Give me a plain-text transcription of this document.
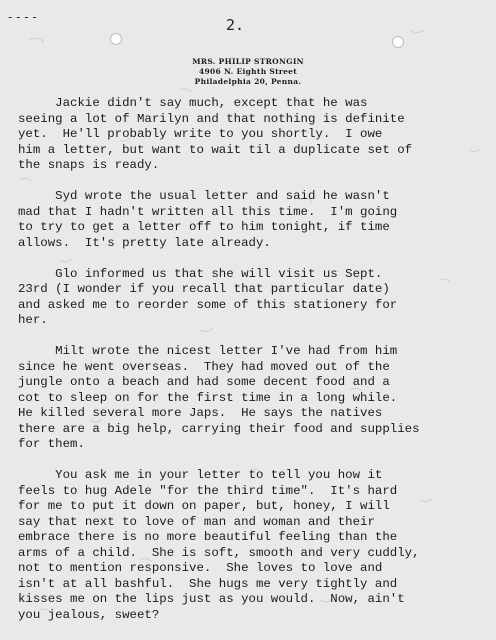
- - - -	2.
MRS. PHILIP STRONGIN
4906 N. Eighth Street
Philadelphia 20, Penna.
Jackie didn't say much, except that he was
seeing a lot of Marilyn and that nothing is definite
yet.  He'll probably write to you shortly.  I owe
him a letter, but want to wait til a duplicate set of
the snaps is ready.
Syd wrote the usual letter and said he wasn't
mad that I hadn't written all this time.  I'm going
to try to get a letter off to him tonight, if time
allows.  It's pretty late already.
Glo informed us that she will visit us Sept.
23rd (I wonder if you recall that particular date)
and asked me to reorder some of this stationery for
her.
Milt wrote the nicest letter I've had from him
since he went overseas.  They had moved out of the
jungle onto a beach and had some decent food and a
cot to sleep on for the first time in a long while.
He killed several more Japs.  He says the natives
there are a big help, carrying their food and supplies
for them.
You ask me in your letter to tell you how it
feels to hug Adele "for the third time".  It's hard
for me to put it down on paper, but, honey, I will
say that next to love of man and woman and their
embrace there is no more beautiful feeling than the
arms of a child.  She is soft, smooth and very cuddly,
not to mention responsive.  She loves to love and
isn't at all bashful.  She hugs me very tightly and
kisses me on the lips just as you would.  Now, ain't
you jealous, sweet?
